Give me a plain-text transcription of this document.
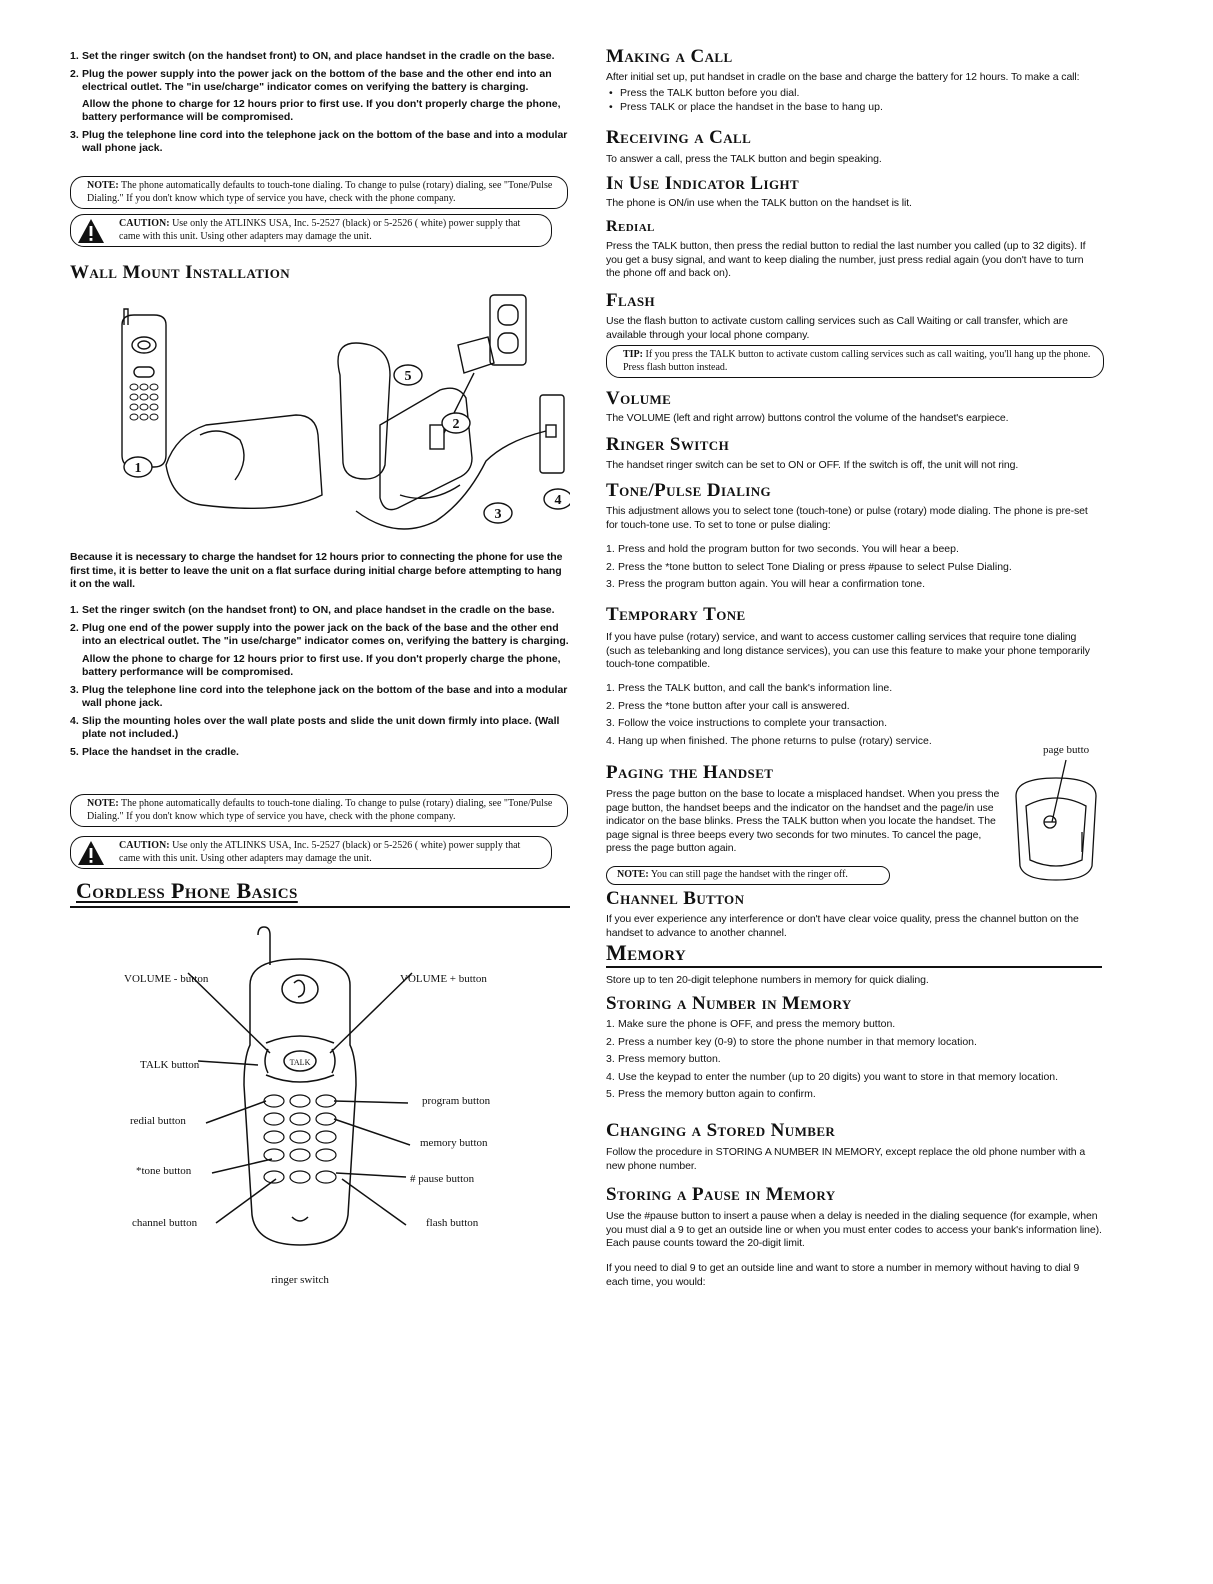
1. Set the ringer switch (on the handset front) to ON, and place handset in the cradle on the base.
2. Plug the power supply into the power jack on the bottom of the base and the other end into an electrical outlet. The "in use/charge" indicator comes on verifying the battery is charging.
Allow the phone to charge for 12 hours prior to first use. If you don't properly charge the phone, battery performance will be compromised.
3. Plug the telephone line cord into the telephone jack on the bottom of the base and into a modular wall phone jack.
NOTE: The phone automatically defaults to touch-tone dialing. To change to pulse (rotary) dialing, see "Tone/Pulse Dialing." If you don't know which type of service you have, check with the phone company.
CAUTION: Use only the ATLINKS USA, Inc. 5-2527 (black) or 5-2526 ( white) power supply that came with this unit. Using other adapters may damage the unit.
Wall Mount Installation
1
2
3
4
5

Because it is necessary to charge the handset for 12 hours prior to connecting the phone for use the first time, it is better to leave the unit on a flat surface during initial charge before attempting to hang it on the wall.

1. Set the ringer switch (on the handset front) to ON, and place handset in the cradle on the base.
2. Plug one end of the power supply into the power jack on the back of the base and the other end into an electrical outlet. The "in use/charge" indicator comes on, verifying the battery is charging.
Allow the phone to charge for 12 hours prior to first use. If you don't properly charge the phone, battery performance will be compromised.
3. Plug the telephone line cord into the telephone jack on the bottom of the base and into a modular wall phone jack.
4. Slip the mounting holes over the wall plate posts and slide the unit down firmly into place. (Wall plate not included.)
5. Place the handset in the cradle.
NOTE: The phone automatically defaults to touch-tone dialing. To change to pulse (rotary) dialing, see "Tone/Pulse Dialing." If you don't know which type of service you have, check with the phone company.
CAUTION: Use only the ATLINKS USA, Inc. 5-2527 (black) or 5-2526 ( white) power supply that came with this unit. Using other adapters may damage the unit.
Cordless Phone Basics
VOLUME - button	VOLUME + button
TALK button
redial button
*tone button
channel button
program button
memory button
# pause button
flash button
ringer switch
TALK
Making a Call

After initial set up, put handset in cradle on the base and charge the battery for 12 hours. To make a call:

• Press the TALK button before you dial.
• Press TALK or place the handset in the base to hang up.
Receiving a Call

To answer a call, press the TALK button and begin speaking.

In Use Indicator Light

The phone is ON/in use when the TALK button on the handset is lit.

Redial

Press the TALK button, then press the redial button to redial the last number you called (up to 32 digits). If you get a busy signal, and want to keep dialing the number, just press redial again (you don't have to turn the phone off and back on).

Flash

Use the flash button to activate custom calling services such as Call Waiting or call transfer, which are available through your local phone company.

TIP: If you press the TALK button to activate custom calling services such as call waiting, you'll hang up the phone. Press flash button instead.
Volume

The VOLUME (left and right arrow) buttons control the volume of the handset's earpiece.

Ringer Switch

The handset ringer switch can be set to ON or OFF. If the switch is off, the unit will not ring.

Tone/Pulse Dialing

This adjustment allows you to select tone (touch-tone) or pulse (rotary) mode dialing. The phone is pre-set for touch-tone use. To set to tone or pulse dialing:

1. Press and hold the program button for two seconds. You will hear a beep.
2. Press the *tone button to select Tone Dialing or press #pause to select Pulse Dialing.
3. Press the program button again. You will hear a confirmation tone.
Temporary Tone

If you have pulse (rotary) service, and want to access customer calling services that require tone dialing (such as telebanking and long distance services), you can use this feature to make your phone temporarily touch-tone compatible.

1. Press the TALK button, and call the bank's information line.
2. Press the *tone button after your call is answered.
3. Follow the voice instructions to complete your transaction.
4. Hang up when finished. The phone returns to pulse (rotary) service.
page butto
Paging the Handset

Press the page button on the base to locate a misplaced handset. When you press the page button, the handset beeps and the indicator on the handset and the page/in use indicator on the base blinks. Press the TALK button when you locate the handset. The page signal is three beeps every two seconds for two minutes. To cancel the page, press the page button again.

NOTE: You can still page the handset with the ringer off.
Channel Button

If you ever experience any interference or don't have clear voice quality, press the channel button on the handset to advance to another channel.

Memory

Store up to ten 20-digit telephone numbers in memory for quick dialing.

Storing a Number in Memory
1. Make sure the phone is OFF, and press the memory button.
2. Press a number key (0-9) to store the phone number in that memory location.
3. Press memory button.
4. Use the keypad to enter the number (up to 20 digits) you want to store in that memory location.
5. Press the memory button again to confirm.
Changing a Stored Number

Follow the procedure in STORING A NUMBER IN MEMORY, except replace the old phone number with a new phone number.

Storing a Pause in Memory

Use the #pause button to insert a pause when a delay is needed in the dialing sequence (for example, when you must dial a 9 to get an outside line or when you must enter codes to access your bank's information line). Each pause counts toward the 20-digit limit.

If you need to dial 9 to get an outside line and want to store a number in memory without having to dial 9 each time, you would:
